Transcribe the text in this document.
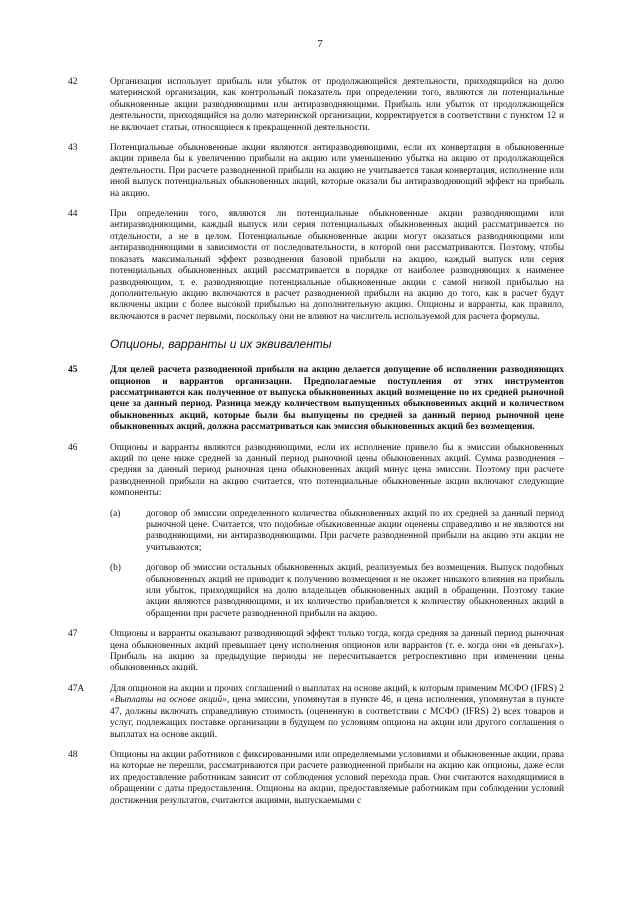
7
42	Организация использует прибыль или убыток от продолжающейся деятельности, приходящийся на долю материнской организации, как контрольный показатель при определении того, являются ли потенциальные обыкновенные акции разводняющими или антиразводняющими. Прибыль или убыток от продолжающейся деятельности, приходящийся на долю материнской организации, корректируется в соответствии с пунктом 12 и не включает статьи, относящиеся к прекращенной деятельности.

43	Потенциальные обыкновенные акции являются антиразводняющими, если их конвертация в обыкновенные акции привела бы к увеличению прибыли на акцию или уменьшению убытка на акцию от продолжающейся деятельности. При расчете разводненной прибыли на акцию не учитывается такая конвертация, исполнение или иной выпуск потенциальных обыкновенных акций, которые оказали бы антиразводняющий эффект на прибыль на акцию.

44	При определении того, являются ли потенциальные обыкновенные акции разводняющими или антиразводняющими, каждый выпуск или серия потенциальных обыкновенных акций рассматривается по отдельности, а не в целом. Потенциальные обыкновенные акции могут оказаться разводняющими или антиразводняющими в зависимости от последовательности, в которой они рассматриваются. Поэтому, чтобы показать максимальный эффект разводнения базовой прибыли на акцию, каждый выпуск или серия потенциальных обыкновенных акций рассматривается в порядке от наиболее разводняющих к наименее разводняющим, т. е. разводняющие потенциальные обыкновенные акции с самой низкой прибылью на дополнительную акцию включаются в расчет разводненной прибыли на акцию до того, как в расчет будут включены акции с более высокой прибылью на дополнительную акцию. Опционы и варранты, как правило, включаются в расчет первыми, поскольку они не влияют на числитель используемой для расчета формулы.

Опционы, варранты и их эквиваленты
45	Для целей расчета разводненной прибыли на акцию делается допущение об исполнении разводняющих опционов и варрантов организации. Предполагаемые поступления от этих инструментов рассматриваются как полученное от выпуска обыкновенных акций возмещение по их средней рыночной цене за данный период. Разница между количеством выпущенных обыкновенных акций и количеством обыкновенных акций, которые были бы выпущены по средней за данный период рыночной цене обыкновенных акций, должна рассматриваться как эмиссия обыкновенных акций без возмещения.

46	Опционы и варранты являются разводняющими, если их исполнение привело бы к эмиссии обыкновенных акций по цене ниже средней за данный период рыночной цены обыкновенных акций. Сумма разводнения – средняя за данный период рыночная цена обыкновенных акций минус цена эмиссии. Поэтому при расчете разводненной прибыли на акцию считается, что потенциальные обыкновенные акции включают следующие компоненты:

(a)	договор об эмиссии определенного количества обыкновенных акций по их средней за данный период рыночной цене. Считается, что подобные обыкновенные акции оценены справедливо и не являются ни разводняющими, ни антиразводняющими. При расчете разводненной прибыли на акцию эти акции не учитываются;

(b)	договор об эмиссии остальных обыкновенных акций, реализуемых без возмещения. Выпуск подобных обыкновенных акций не приводит к получению возмещения и не окажет никакого влияния на прибыль или убыток, приходящийся на долю владельцев обыкновенных акций в обращении. Поэтому такие акции являются разводняющими, и их количество прибавляется к количеству обыкновенных акций в обращении при расчете разводненной прибыли на акцию.

47	Опционы и варранты оказывают разводняющий эффект только тогда, когда средняя за данный период рыночная цена обыкновенных акций превышает цену исполнения опционов или варрантов (т. е. когда они «в деньгах»). Прибыль на акцию за предыдущие периоды не пересчитывается ретроспективно при изменении цены обыкновенных акций.

47A	Для опционов на акции и прочих соглашений о выплатах на основе акций, к которым применим МСФО (IFRS) 2 «Выплаты на основе акций», цена эмиссии, упомянутая в пункте 46, и цена исполнения, упомянутая в пункте 47, должны включать справедливую стоимость (оцененную в соответствии с МСФО (IFRS) 2) всех товаров и услуг, подлежащих поставке организации в будущем по условиям опциона на акции или другого соглашения о выплатах на основе акций.

48	Опционы на акции работников с фиксированными или определяемыми условиями и обыкновенные акции, права на которые не перешли, рассматриваются при расчете разводненной прибыли на акцию как опционы, даже если их предоставление работникам зависит от соблюдения условий перехода прав. Они считаются находящимися в обращении с даты предоставления. Опционы на акции, предоставляемые работникам при соблюдении условий достижения результатов, считаются акциями, выпускаемыми с
